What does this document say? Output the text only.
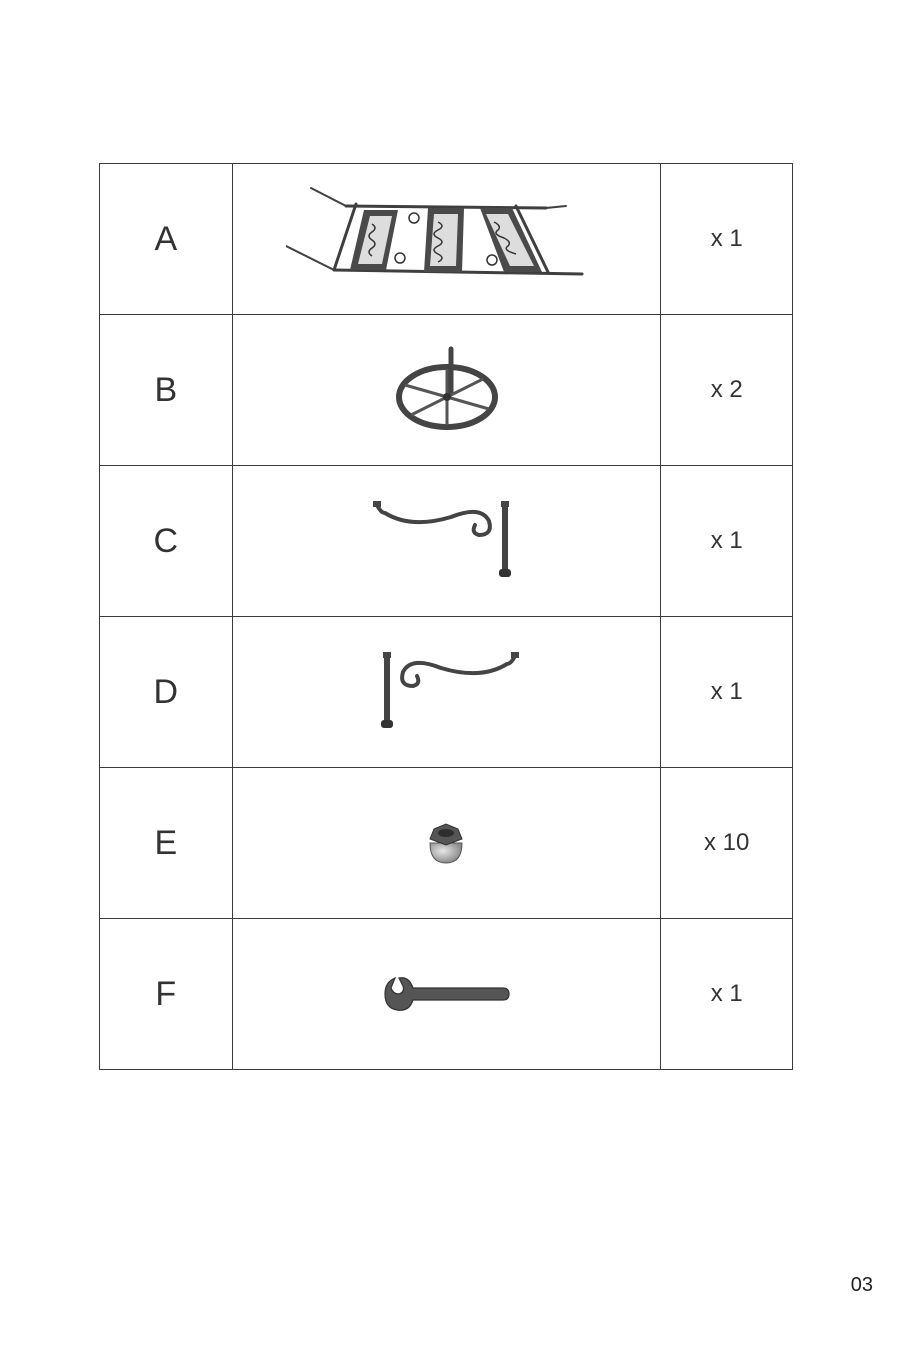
A		x 1
B		x 2
C		x 1
D		x 1
E		x 10
F		x 1
03
